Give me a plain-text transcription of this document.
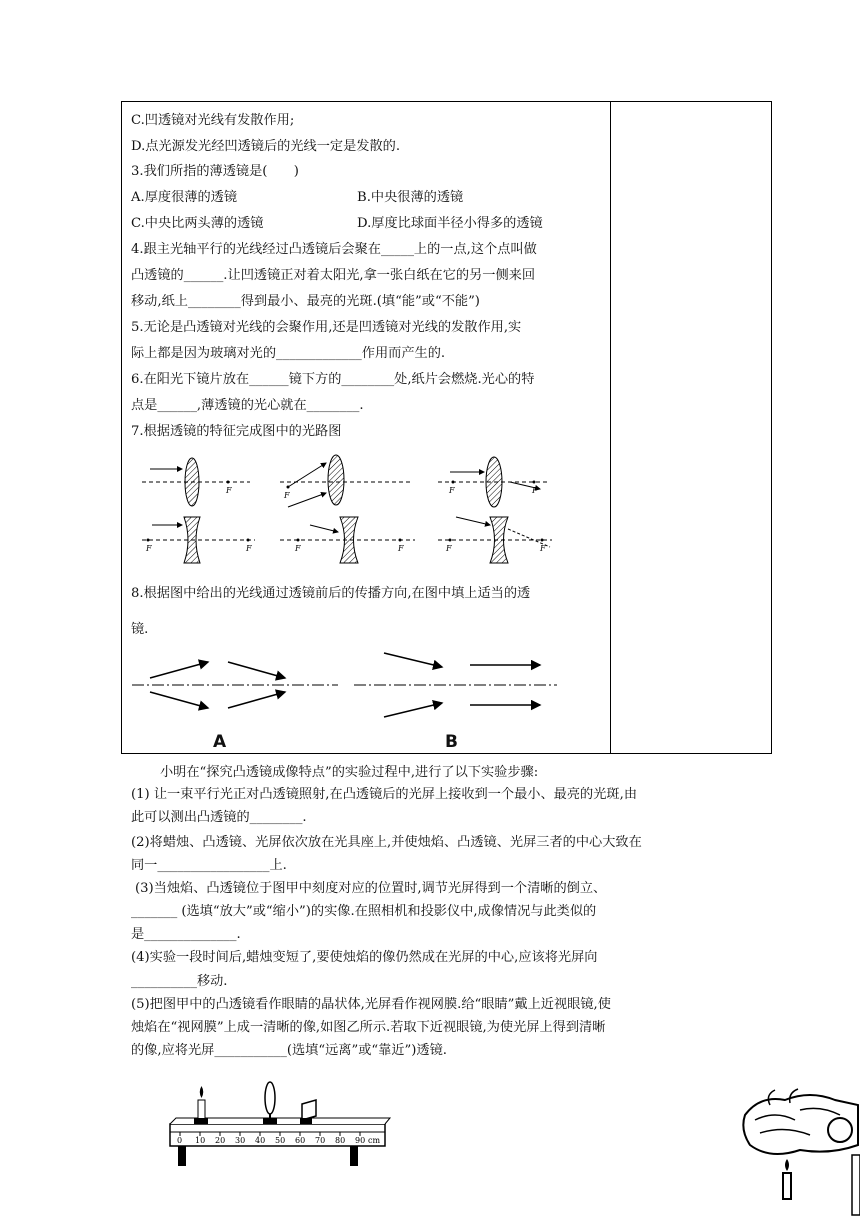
C.凹透镜对光线有发散作用;
D.点光源发光经凹透镜后的光线一定是发散的.
3.我们所指的薄透镜是(　　)
A.厚度很薄的透镜	B.中央很薄的透镜
C.中央比两头薄的透镜	D.厚度比球面半径小得多的透镜
4.跟主光轴平行的光线经过凸透镜后会聚在_____上的一点,这个点叫做
凸透镜的______.让凹透镜正对着太阳光,拿一张白纸在它的另一侧来回
移动,纸上________得到最小、最亮的光斑.(填“能”或“不能”)
5.无论是凸透镜对光线的会聚作用,还是凹透镜对光线的发散作用,实
际上都是因为玻璃对光的_____________作用而产生的.
6.在阳光下镜片放在______镜下方的________处,纸片会燃烧.光心的特
点是______,薄透镜的光心就在________.
7.根据透镜的特征完成图中的光路图
F
F	F
F
F	F
F	F
F	F
8.根据图中给出的光线通过透镜前后的传播方向,在图中填上适当的透
镜.
A	B
小明在“探究凸透镜成像特点”的实验过程中,进行了以下实验步骤:
(1) 让一束平行光正对凸透镜照射,在凸透镜后的光屏上接收到一个最小、最亮的光斑,由
此可以测出凸透镜的________.
(2)将蜡烛、凸透镜、光屏依次放在光具座上,并使烛焰、凸透镜、光屏三者的中心大致在
同一_________________上.
(3)当烛焰、凸透镜位于图甲中刻度对应的位置时,调节光屏得到一个清晰的倒立、
_______ (选填“放大”或“缩小”)的实像.在照相机和投影仪中,成像情况与此类似的
是______________.
(4)实验一段时间后,蜡烛变短了,要使烛焰的像仍然成在光屏的中心,应该将光屏向
__________移动.
(5)把图甲中的凸透镜看作眼睛的晶状体,光屏看作视网膜.给“眼睛”戴上近视眼镜,使
烛焰在“视网膜”上成一清晰的像,如图乙所示.若取下近视眼镜,为使光屏上得到清晰
的像,应将光屏___________(选填“远离”或“靠近”)透镜.
0 10 20 30 40 50 60 70 80 90 cm
